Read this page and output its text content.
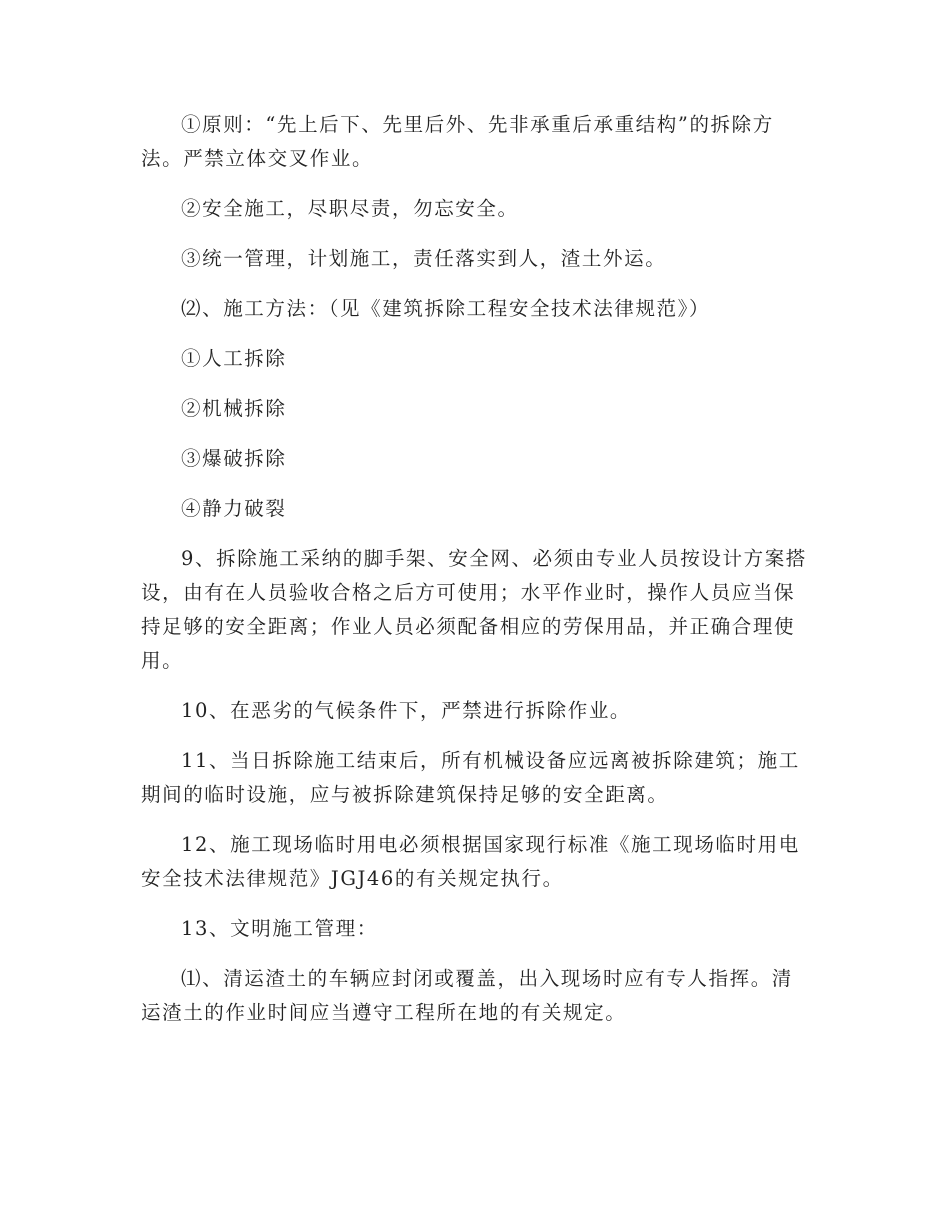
①原则：“先上后下、先里后外、先非承重后承重结构”的拆除方法。严禁立体交叉作业。

②安全施工，尽职尽责，勿忘安全。

③统一管理，计划施工，责任落实到人，渣土外运。

⑵、施工方法：（见《建筑拆除工程安全技术法律规范》）

①人工拆除

②机械拆除

③爆破拆除

④静力破裂

9、拆除施工采纳的脚手架、安全网、必须由专业人员按设计方案搭设，由有在人员验收合格之后方可使用；水平作业时，操作人员应当保持足够的安全距离；作业人员必须配备相应的劳保用品，并正确合理使用。

10、在恶劣的气候条件下，严禁进行拆除作业。

11、当日拆除施工结束后，所有机械设备应远离被拆除建筑；施工期间的临时设施，应与被拆除建筑保持足够的安全距离。

12、施工现场临时用电必须根据国家现行标准《施工现场临时用电安全技术法律规范》JGJ46的有关规定执行。

13、文明施工管理：

⑴、清运渣土的车辆应封闭或覆盖，出入现场时应有专人指挥。清运渣土的作业时间应当遵守工程所在地的有关规定。
